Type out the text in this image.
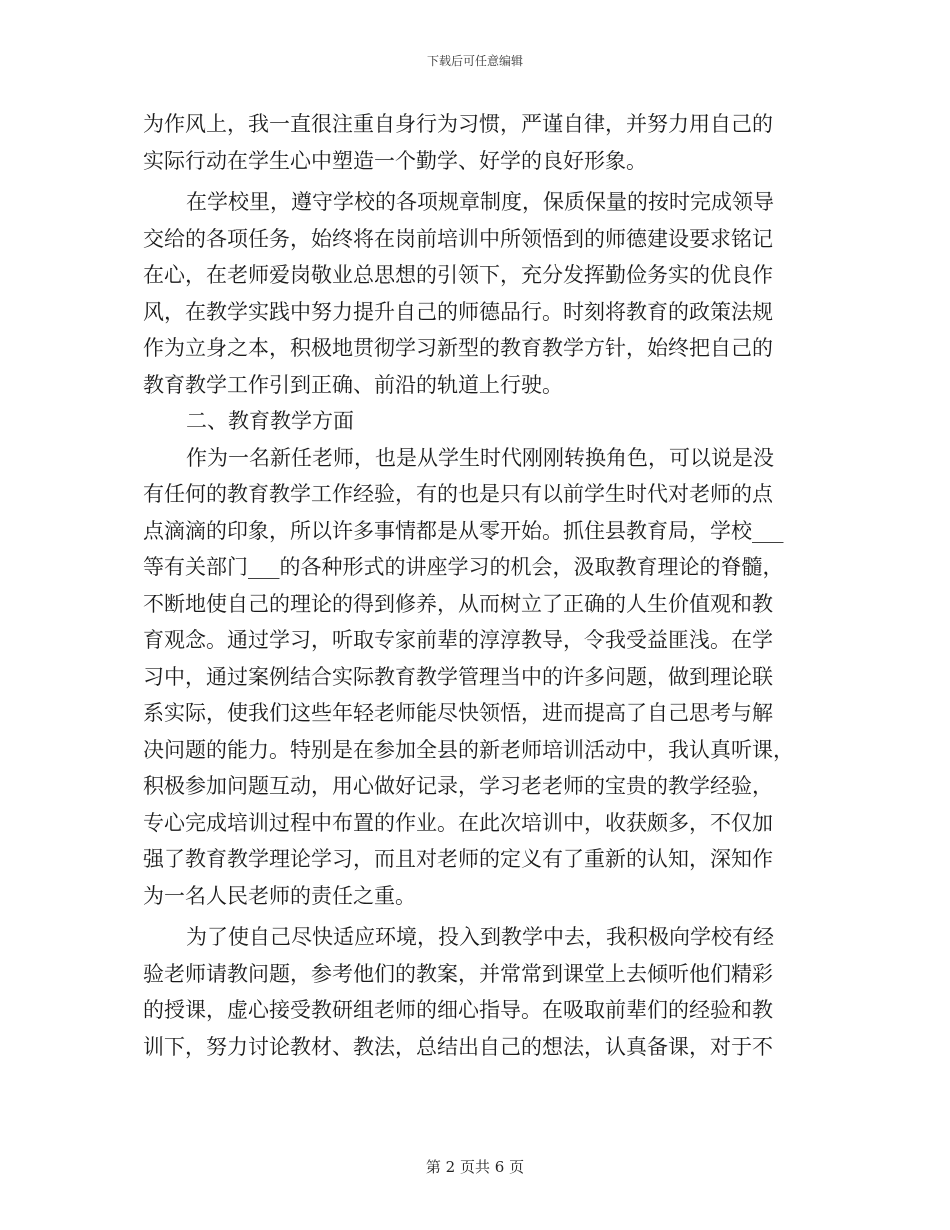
下载后可任意编辑
为作风上，我一直很注重自身行为习惯，严谨自律，并努力用自己的
实际行动在学生心中塑造一个勤学、好学的良好形象。
在学校里，遵守学校的各项规章制度，保质保量的按时完成领导
交给的各项任务，始终将在岗前培训中所领悟到的师德建设要求铭记
在心，在老师爱岗敬业总思想的引领下，充分发挥勤俭务实的优良作
风，在教学实践中努力提升自己的师德品行。时刻将教育的政策法规
作为立身之本，积极地贯彻学习新型的教育教学方针，始终把自己的
教育教学工作引到正确、前沿的轨道上行驶。
二、教育教学方面
作为一名新任老师，也是从学生时代刚刚转换角色，可以说是没
有任何的教育教学工作经验，有的也是只有以前学生时代对老师的点
点滴滴的印象，所以许多事情都是从零开始。抓住县教育局，学校___
等有关部门___的各种形式的讲座学习的机会，汲取教育理论的脊髓，
不断地使自己的理论的得到修养，从而树立了正确的人生价值观和教
育观念。通过学习，听取专家前辈的淳淳教导，令我受益匪浅。在学
习中，通过案例结合实际教育教学管理当中的许多问题，做到理论联
系实际，使我们这些年轻老师能尽快领悟，进而提高了自己思考与解
决问题的能力。特别是在参加全县的新老师培训活动中，我认真听课，
积极参加问题互动，用心做好记录，学习老老师的宝贵的教学经验，
专心完成培训过程中布置的作业。在此次培训中，收获颇多，不仅加
强了教育教学理论学习，而且对老师的定义有了重新的认知，深知作
为一名人民老师的责任之重。
为了使自己尽快适应环境，投入到教学中去，我积极向学校有经
验老师请教问题，参考他们的教案，并常常到课堂上去倾听他们精彩
的授课，虚心接受教研组老师的细心指导。在吸取前辈们的经验和教
训下，努力讨论教材、教法，总结出自己的想法，认真备课，对于不
第 2 页共 6 页
